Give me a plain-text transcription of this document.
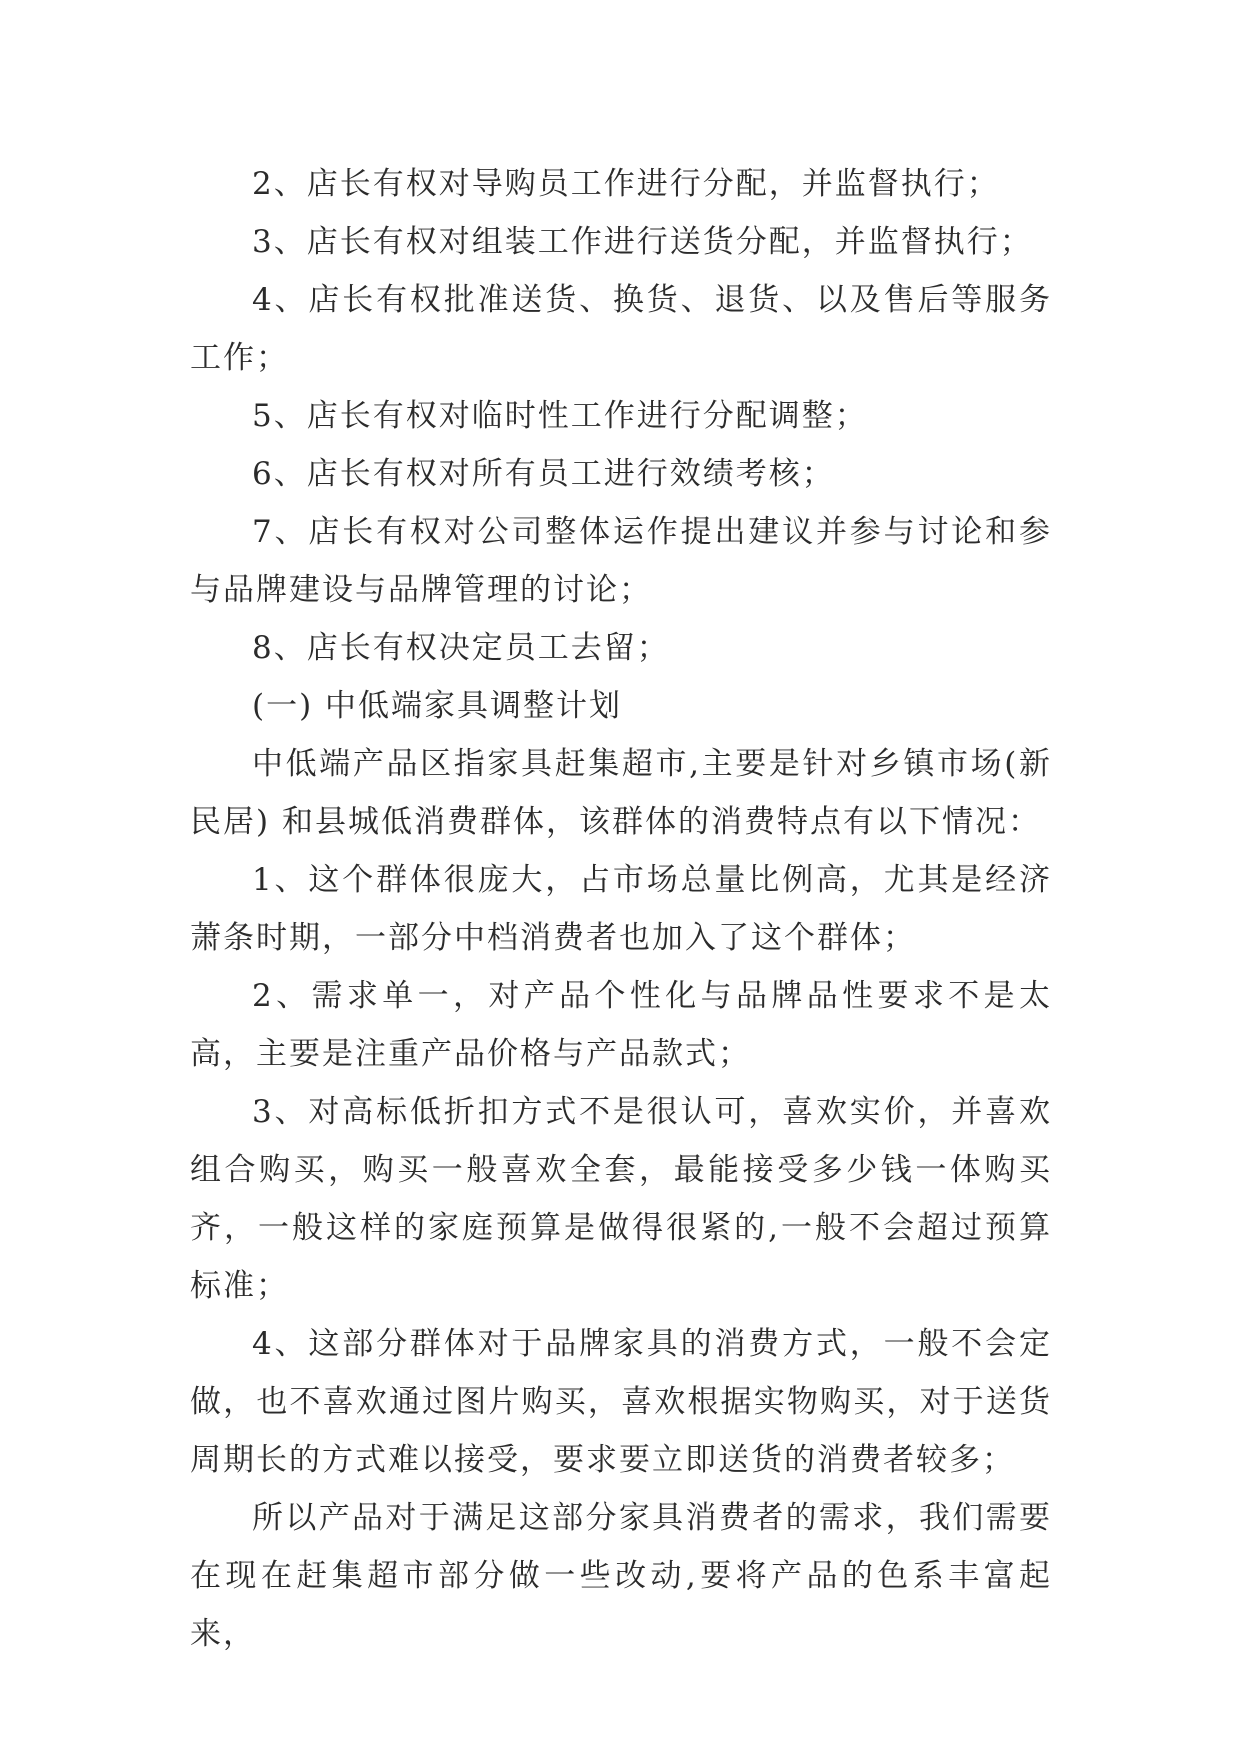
2、店长有权对导购员工作进行分配，并监督执行；

3、店长有权对组装工作进行送货分配，并监督执行；

4、店长有权批准送货、换货、退货、以及售后等服务工作；

5、店长有权对临时性工作进行分配调整；

6、店长有权对所有员工进行效绩考核；

7、店长有权对公司整体运作提出建议并参与讨论和参与品牌建设与品牌管理的讨论；

8、店长有权决定员工去留；

(一) 中低端家具调整计划

中低端产品区指家具赶集超市,主要是针对乡镇市场(新民居) 和县城低消费群体，该群体的消费特点有以下情况：

1、这个群体很庞大，占市场总量比例高，尤其是经济萧条时期，一部分中档消费者也加入了这个群体；

2、需求单一，对产品个性化与品牌品性要求不是太高，主要是注重产品价格与产品款式；

3、对高标低折扣方式不是很认可，喜欢实价，并喜欢组合购买，购买一般喜欢全套，最能接受多少钱一体购买齐，一般这样的家庭预算是做得很紧的,一般不会超过预算标准；

4、这部分群体对于品牌家具的消费方式，一般不会定做，也不喜欢通过图片购买，喜欢根据实物购买，对于送货周期长的方式难以接受，要求要立即送货的消费者较多；

所以产品对于满足这部分家具消费者的需求，我们需要在现在赶集超市部分做一些改动,要将产品的色系丰富起来，
